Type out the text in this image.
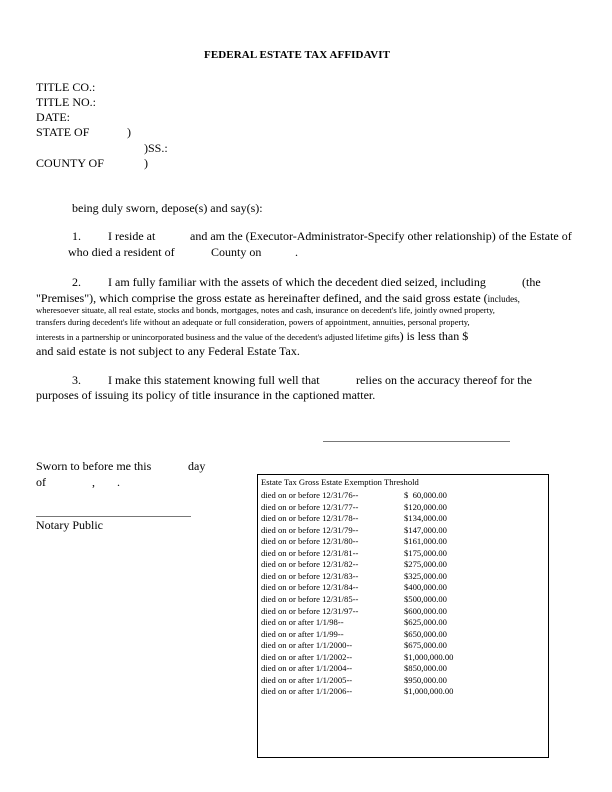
FEDERAL ESTATE TAX AFFIDAVIT
TITLE CO.:
TITLE NO.:
DATE:
STATE OF	)
)SS.:
COUNTY OF	)
being duly sworn, depose(s) and say(s):
1. I reside at	and am the (Executor-Administrator-Specify other relationship) of the Estate of
who died a resident of	County on	.
2. I am fully familiar with the assets of which the decedent died seized, including	(the
"Premises"), which comprise the gross estate as hereinafter defined, and the said gross estate (includes,
wheresoever situate, all real estate, stocks and bonds, mortgages, notes and cash, insurance on decedent's life, jointly owned property,
transfers during decedent's life without an adequate or full consideration, powers of appointment, annuities, personal property,
interests in a partnership or unincorporated business and the value of the decedent's adjusted lifetime gifts) is less than $
and said estate is not subject to any Federal Estate Tax.
3. I make this statement knowing full well that	relies on the accuracy thereof for the
purposes of issuing its policy of title insurance in the captioned matter.
Sworn to before me this	day
of	, .
Notary Public
Estate Tax Gross Estate Exemption Threshold
died on or before 12/31/76--	$  60,000.00
died on or before 12/31/77--	$120,000.00
died on or before 12/31/78--	$134,000.00
died on or before 12/31/79--	$147,000.00
died on or before 12/31/80--	$161,000.00
died on or before 12/31/81--	$175,000.00
died on or before 12/31/82--	$275,000.00
died on or before 12/31/83--	$325,000.00
died on or before 12/31/84--	$400,000.00
died on or before 12/31/85--	$500,000.00
died on or before 12/31/97--	$600,000.00
died on or after 1/1/98--	$625,000.00
died on or after 1/1/99--	$650,000.00
died on or after 1/1/2000--	$675,000.00
died on or after 1/1/2002--	$1,000,000.00
died on or after 1/1/2004--	$850,000.00
died on or after 1/1/2005--	$950,000.00
died on or after 1/1/2006--	$1,000,000.00
